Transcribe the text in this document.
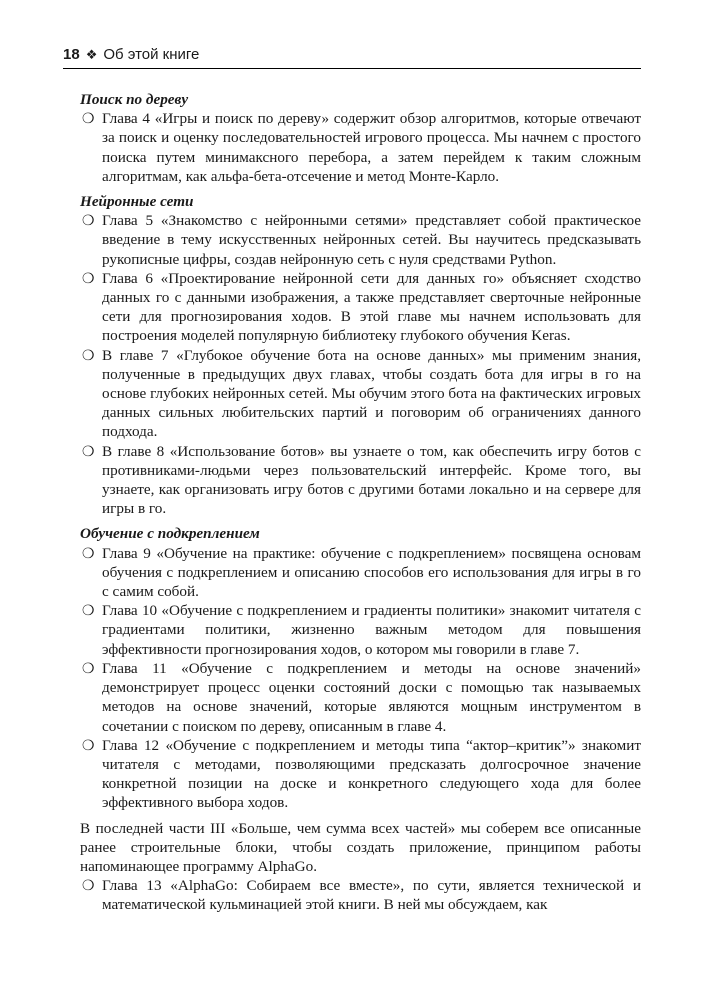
18 ❖ Об этой книге

Поиск по дереву

❍ Глава 4 «Игры и поиск по дереву» содержит обзор алгоритмов, которые отвечают за поиск и оценку последовательностей игрового процесса. Мы начнем с простого поиска путем минимаксного перебора, а затем перейдем к таким сложным алгоритмам, как альфа-бета-отсечение и метод Монте-Карло.

Нейронные сети

❍ Глава 5 «Знакомство с нейронными сетями» представляет собой практическое введение в тему искусственных нейронных сетей. Вы научитесь предсказывать рукописные цифры, создав нейронную сеть с нуля средствами Python.

❍ Глава 6 «Проектирование нейронной сети для данных го» объясняет сходство данных го с данными изображения, а также представляет сверточные нейронные сети для прогнозирования ходов. В этой главе мы начнем использовать для построения моделей популярную библиотеку глубокого обучения Keras.

❍ В главе 7 «Глубокое обучение бота на основе данных» мы применим знания, полученные в предыдущих двух главах, чтобы создать бота для игры в го на основе глубоких нейронных сетей. Мы обучим этого бота на фактических игровых данных сильных любительских партий и поговорим об ограничениях данного подхода.

❍ В главе 8 «Использование ботов» вы узнаете о том, как обеспечить игру ботов с противниками-людьми через пользовательский интерфейс. Кроме того, вы узнаете, как организовать игру ботов с другими ботами локально и на сервере для игры в го.

Обучение с подкреплением

❍ Глава 9 «Обучение на практике: обучение с подкреплением» посвящена основам обучения с подкреплением и описанию способов его использования для игры в го с самим собой.

❍ Глава 10 «Обучение с подкреплением и градиенты политики» знакомит читателя с градиентами политики, жизненно важным методом для повышения эффективности прогнозирования ходов, о котором мы говорили в главе 7.

❍ Глава 11 «Обучение с подкреплением и методы на основе значений» демонстрирует процесс оценки состояний доски с помощью так называемых методов на основе значений, которые являются мощным инструментом в сочетании с поиском по дереву, описанным в главе 4.

❍ Глава 12 «Обучение с подкреплением и методы типа “актор–критик”» знакомит читателя с методами, позволяющими предсказать долгосрочное значение конкретной позиции на доске и конкретного следующего хода для более эффективного выбора ходов.

В последней части III «Больше, чем сумма всех частей» мы соберем все описанные ранее строительные блоки, чтобы создать приложение, принципом работы напоминающее программу AlphaGo.

❍ Глава 13 «AlphaGo: Собираем все вместе», по сути, является технической и математической кульминацией этой книги. В ней мы обсуждаем, как
